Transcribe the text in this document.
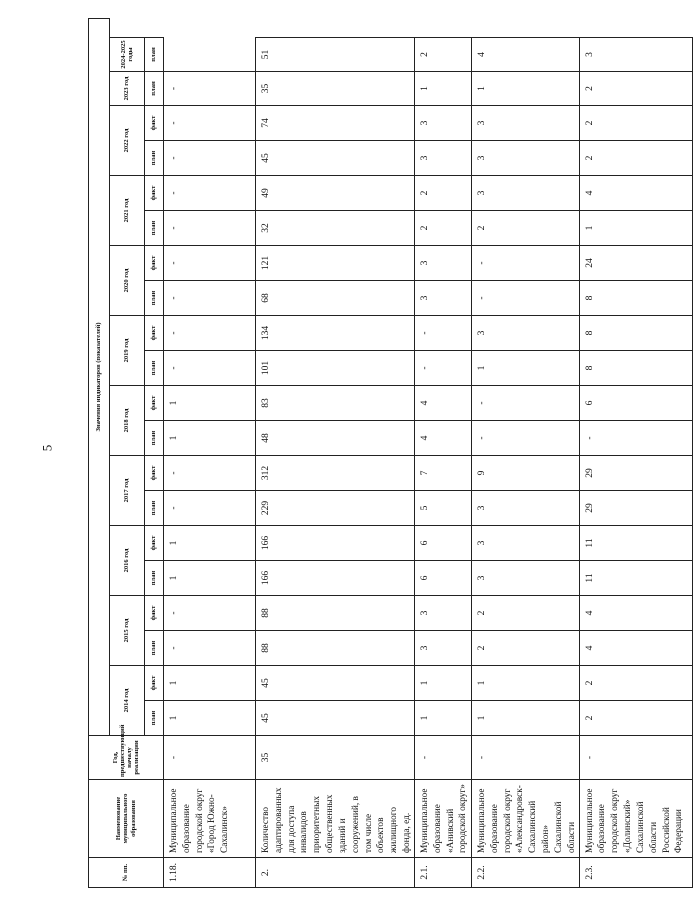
5
№ пп.	Наименование муниципального образования	Год, предшествующий началу реализации	Значения индикаторов (показателей)																			
			2014 год		2015 год		2016 год		2017 год		2018 год		2019 год		2020 год		2021 год		2022 год		2023 год	2024-2025 годы
			план	факт	план	факт	план	факт	план	факт	план	факт	план	факт	план	факт	план	факт	план	факт	план	план
1.18.	Муниципальное образование городской округ «Город Южно-Сахалинск»	-	1	1	-	-	1	1	-	-	1	1	-	-	-	-	-	-	-	-	-	
2.	Количество адаптированных для доступа инвалидов приоритетных общественных зданий и сооружений, в том числе объектов жилищного фонда, ед.	35	45	45	88	88	166	166	229	312	48	83	101	134	68	121	32	49	45	74	35	51
2.1.	Муниципальное образование «Анивский городской округ»	-	1	1	3	3	6	6	5	7	4	4	-	-	3	3	2	2	3	3	1	2
2.2.	Муниципальное образование городской округ «Александровск-Сахалинский район» Сахалинской области	-	1	1	2	2	3	3	3	9	-	-	1	3	-	-	2	3	3	3	1	4
2.3.	Муниципальное образование городской округ «Долинский» Сахалинской области Российской Федерации	-	2	2	4	4	11	11	29	29	-	6	8	8	8	24	1	4	2	2	2	3
